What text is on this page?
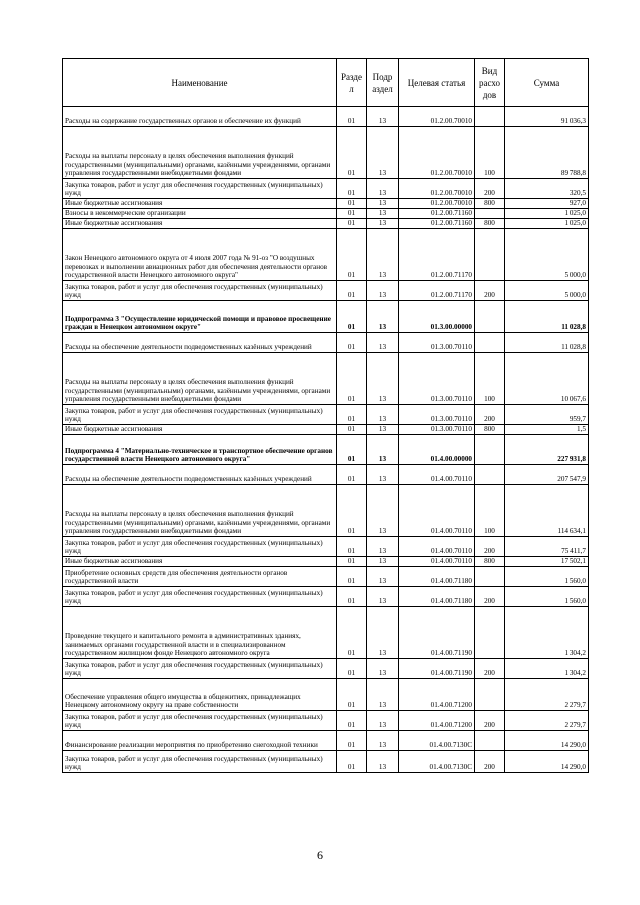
Наименование	Разде л	Подр аздел	Целевая статья	Вид расхо дов	Сумма
Расходы на содержание государственных органов и обеспечение их функций	01	13	01.2.00.70010		91 036,3
Расходы на выплаты персоналу в целях обеспечения выполнения функций государственными (муниципальными) органами, казёнными учреждениями, органами управления государственными внебюджетными фондами	01	13	01.2.00.70010	100	89 788,8
Закупка товаров, работ и услуг для обеспечения государственных (муниципальных) нужд	01	13	01.2.00.70010	200	320,5
Иные бюджетные ассигнования	01	13	01.2.00.70010	800	927,0
Взносы в некоммерческие организации	01	13	01.2.00.71160		1 025,0
Иные бюджетные ассигнования	01	13	01.2.00.71160	800	1 025,0
Закон Ненецкого автономного округа от 4 июля 2007 года № 91-оз "О воздушных перевозках и выполнении авиационных работ для обеспечения деятельности органов государственной власти Ненецкого автономного округа"	01	13	01.2.00.71170		5 000,0
Закупка товаров, работ и услуг для обеспечения государственных (муниципальных) нужд	01	13	01.2.00.71170	200	5 000,0
Подпрограмма 3 "Осуществление юридической помощи и правовое просвещение граждан в Ненецком автономном округе"	01	13	01.3.00.00000		11 028,8
Расходы на обеспечение деятельности подведомственных казённых учреждений	01	13	01.3.00.70110		11 028,8
Расходы на выплаты персоналу в целях обеспечения выполнения функций государственными (муниципальными) органами, казёнными учреждениями, органами управления государственными внебюджетными фондами	01	13	01.3.00.70110	100	10 067,6
Закупка товаров, работ и услуг для обеспечения государственных (муниципальных) нужд	01	13	01.3.00.70110	200	959,7
Иные бюджетные ассигнования	01	13	01.3.00.70110	800	1,5
Подпрограмма 4 "Материально-техническое и транспортное обеспечение органов государственной власти Ненецкого автономного округа"	01	13	01.4.00.00000		227 931,8
Расходы на обеспечение деятельности подведомственных казённых учреждений	01	13	01.4.00.70110		207 547,9
Расходы на выплаты персоналу в целях обеспечения выполнения функций государственными (муниципальными) органами, казёнными учреждениями, органами управления государственными внебюджетными фондами	01	13	01.4.00.70110	100	114 634,1
Закупка товаров, работ и услуг для обеспечения государственных (муниципальных) нужд	01	13	01.4.00.70110	200	75 411,7
Иные бюджетные ассигнования	01	13	01.4.00.70110	800	17 502,1
Приобретение основных средств для обеспечения деятельности органов государственной власти	01	13	01.4.00.71180		1 560,0
Закупка товаров, работ и услуг для обеспечения государственных (муниципальных) нужд	01	13	01.4.00.71180	200	1 560,0
Проведение текущего и капитального ремонта в административных зданиях, занимаемых органами государственной власти и в специализированном государственном жилищном фонде Ненецкого автономного округа	01	13	01.4.00.71190		1 304,2
Закупка товаров, работ и услуг для обеспечения государственных (муниципальных) нужд	01	13	01.4.00.71190	200	1 304,2
Обеспечение управления общего имущества в общежитиях, принадлежащих Ненецкому автономному округу на праве собственности	01	13	01.4.00.71200		2 279,7
Закупка товаров, работ и услуг для обеспечения государственных (муниципальных) нужд	01	13	01.4.00.71200	200	2 279,7
Финансирование реализации мероприятия по приобретению снегоходной техники	01	13	01.4.00.7130С		14 290,0
Закупка товаров, работ и услуг для обеспечения государственных (муниципальных) нужд	01	13	01.4.00.7130С	200	14 290,0
6
